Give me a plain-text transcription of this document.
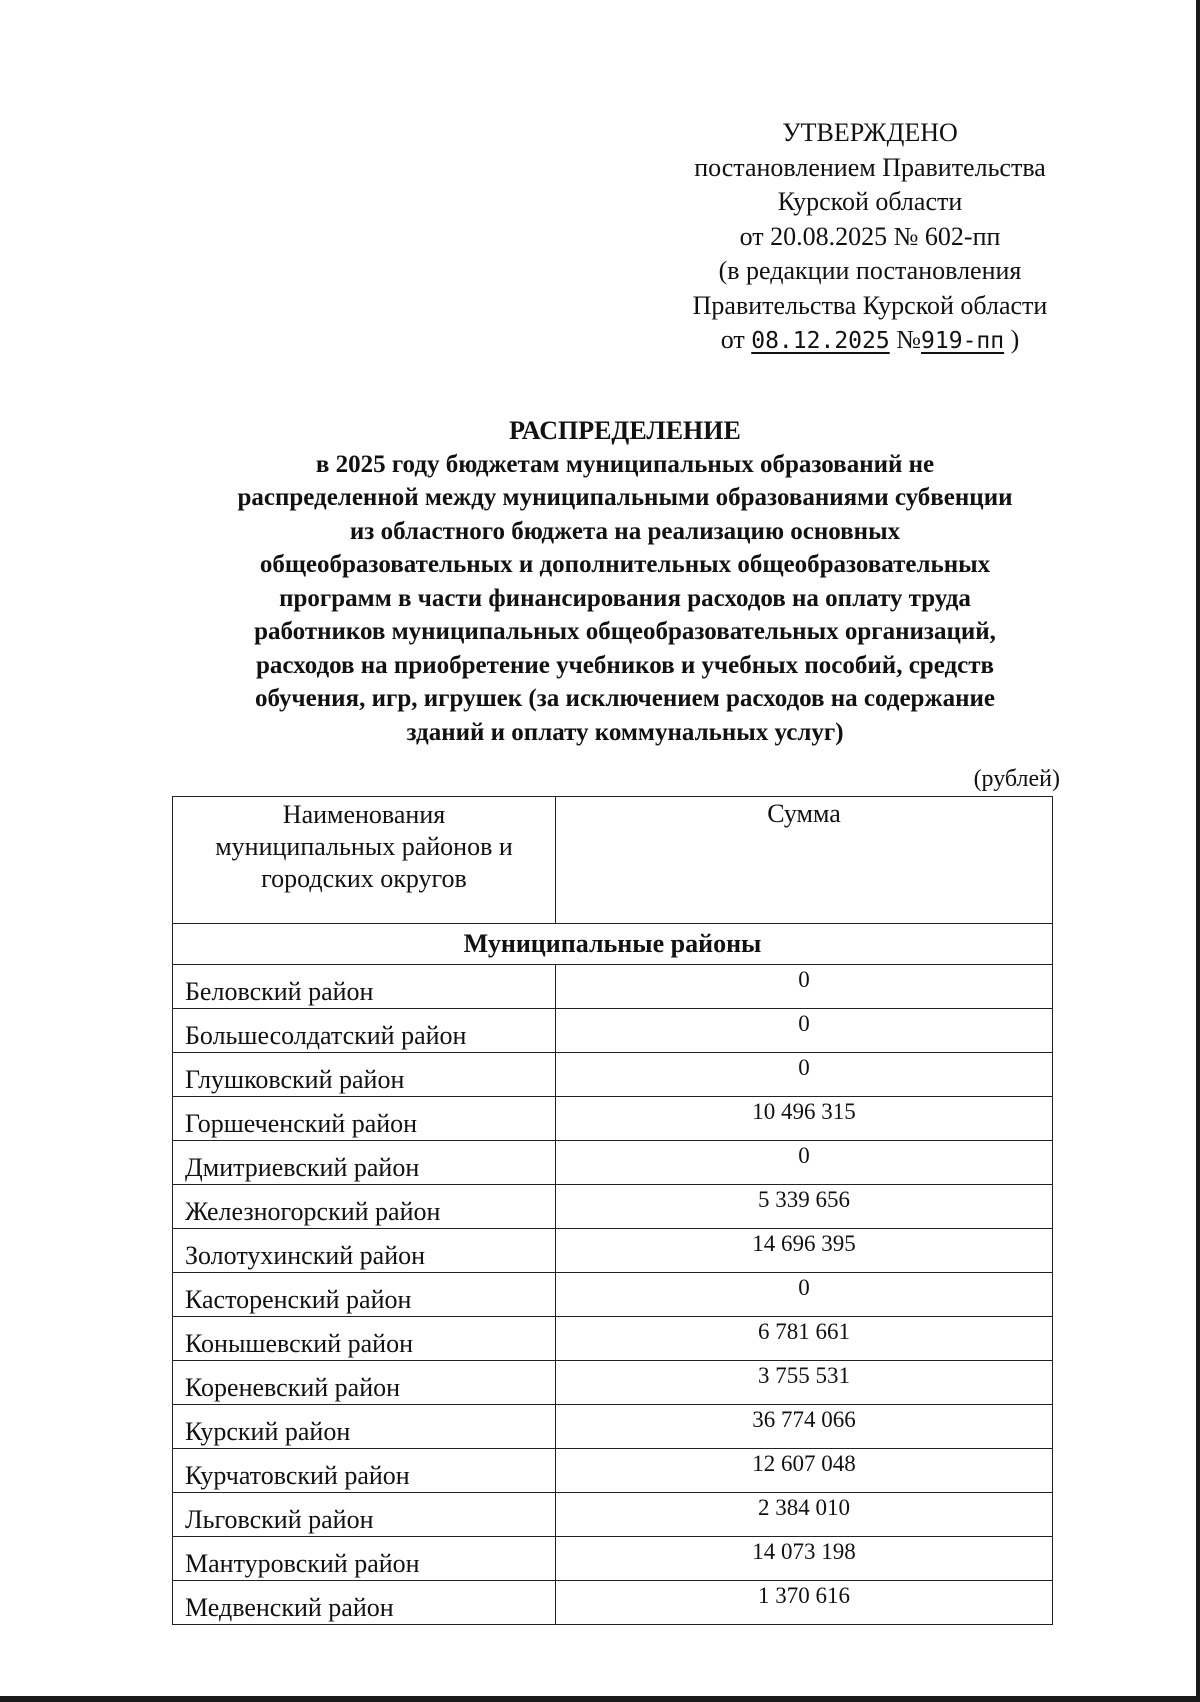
УТВЕРЖДЕНО
постановлением Правительства
Курской области
от 20.08.2025 № 602-пп
(в редакции постановления
Правительства Курской области
от 08.12.2025 №919-пп )
РАСПРЕДЕЛЕНИЕ
в 2025 году бюджетам муниципальных образований не
распределенной между муниципальными образованиями субвенции
из областного бюджета на реализацию основных
общеобразовательных и дополнительных общеобразовательных
программ в части финансирования расходов на оплату труда
работников муниципальных общеобразовательных организаций,
расходов на приобретение учебников и учебных пособий, средств
обучения, игр, игрушек (за исключением расходов на содержание
зданий и оплату коммунальных услуг)
(рублей)
Наименования
муниципальных районов и
городских округов	Сумма
Муниципальные районы	
Беловский район	0
Большесолдатский район	0
Глушковский район	0
Горшеченский район	10 496 315
Дмитриевский район	0
Железногорский район	5 339 656
Золотухинский район	14 696 395
Касторенский район	0
Конышевский район	6 781 661
Кореневский район	3 755 531
Курский район	36 774 066
Курчатовский район	12 607 048
Льговский район	2 384 010
Мантуровский район	14 073 198
Медвенский район	1 370 616
